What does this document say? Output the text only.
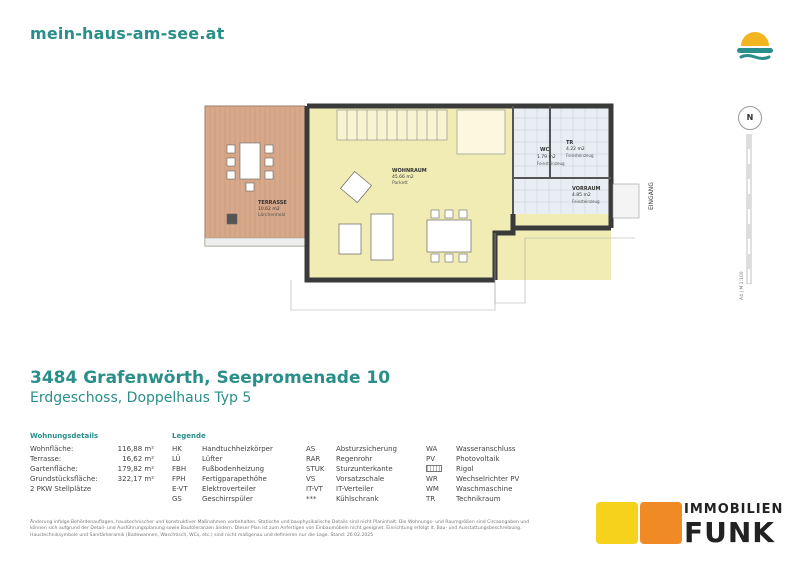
mein-haus-am-see.at
WOHNRAUM
45.66 m2
Parkett
TERRASSE
10.62 m2
Lärchenholz
WC
1.79 m2
Feinsteinzeug
TR
4.22 m2
Feinsteinzeug
VORRAUM
4.85 m2
Feinsteinzeug	EINGANG
N
A4 | M 1:100
3484 Grafenwörth, Seepromenade 10
Erdgeschoss, Doppelhaus Typ 5
Wohnungsdetails
Wohnfläche:	116,88 m²
Terrasse:	16,62 m²
Gartenfläche:	179,82 m²
Grundstücksfläche:	322,17 m²
2 PKW Stellplätze
Legende
HK	Handtuchheizkörper
LÜ	Lüfter
FBH Fußbodenheizung
FPH Fertigparapethöhe
E-VT Elektroverteiler
GS	Geschirrspüler
AS	Absturzsicherung
RAR Regenrohr
STUK Sturzunterkante
VS	Vorsatzschale
IT-VT IT-Verteiler
***	Kühlschrank
WA	Wasseranschluss
PV	Photovoltaik
Rigol
WR	Wechselrichter PV
WM Waschmaschine
TR	Technikraum
Änderung infolge Behördenauflagen, haustechnischer und konstruktiver Maßnahmen vorbehalten. Statische und bauphysikalische Details sind nicht Planinhalt. Die Wohnungs- und Raumgrößen sind Circaangaben und können sich aufgrund der Detail- und Ausführungsplanung sowie Bautoleranzen ändern. Dieser Plan ist zum Anfertigen von Einbaumöbeln nicht geeignet. Einrichtung erfolgt lt. Bau- und Ausstattungsbeschreibung. Haustechniksymbole und Sanitärkeramik (Badewannen, Waschtisch, WCs, etc.) sind nicht maßgenau und definieren nur die Lage. Stand: 26.02.2025
IMMOBILIEN
FUNK
